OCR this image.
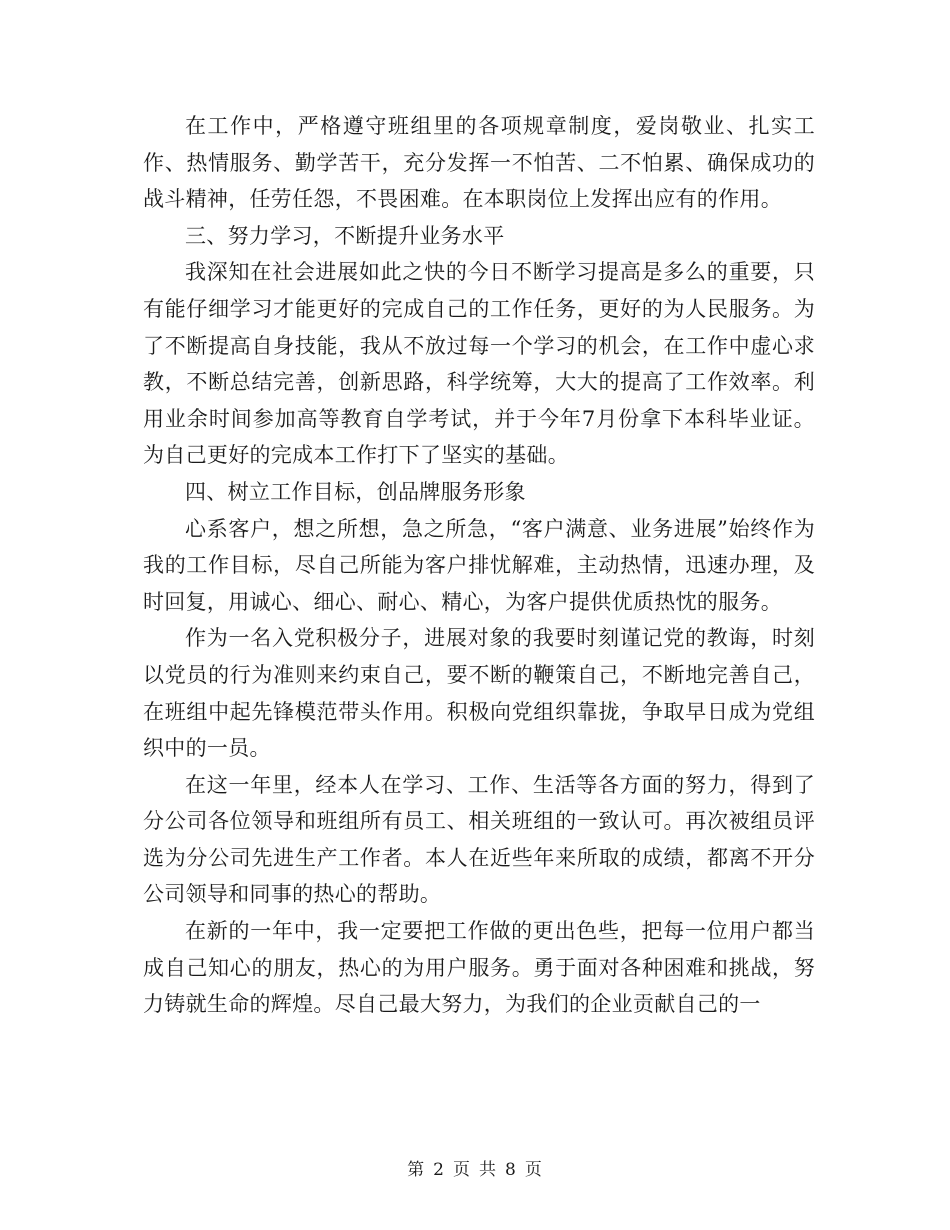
在工作中，严格遵守班组里的各项规章制度，爱岗敬业、扎实工作、热情服务、勤学苦干，充分发挥一不怕苦、二不怕累、确保成功的战斗精神，任劳任怨，不畏困难。在本职岗位上发挥出应有的作用。

三、努力学习，不断提升业务水平

我深知在社会进展如此之快的今日不断学习提高是多么的重要，只有能仔细学习才能更好的完成自己的工作任务，更好的为人民服务。为了不断提高自身技能，我从不放过每一个学习的机会，在工作中虚心求教，不断总结完善，创新思路，科学统筹，大大的提高了工作效率。利用业余时间参加高等教育自学考试，并于今年7月份拿下本科毕业证。为自己更好的完成本工作打下了坚实的基础。

四、树立工作目标，创品牌服务形象

心系客户，想之所想，急之所急，“客户满意、业务进展”始终作为我的工作目标，尽自己所能为客户排忧解难，主动热情，迅速办理，及时回复，用诚心、细心、耐心、精心，为客户提供优质热忱的服务。

作为一名入党积极分子，进展对象的我要时刻谨记党的教诲，时刻以党员的行为准则来约束自己，要不断的鞭策自己，不断地完善自己，在班组中起先锋模范带头作用。积极向党组织靠拢，争取早日成为党组织中的一员。

在这一年里，经本人在学习、工作、生活等各方面的努力，得到了分公司各位领导和班组所有员工、相关班组的一致认可。再次被组员评选为分公司先进生产工作者。本人在近些年来所取的成绩，都离不开分公司领导和同事的热心的帮助。

在新的一年中，我一定要把工作做的更出色些，把每一位用户都当成自己知心的朋友，热心的为用户服务。勇于面对各种困难和挑战，努力铸就生命的辉煌。尽自己最大努力，为我们的企业贡献自己的一

第 2 页 共 8 页
